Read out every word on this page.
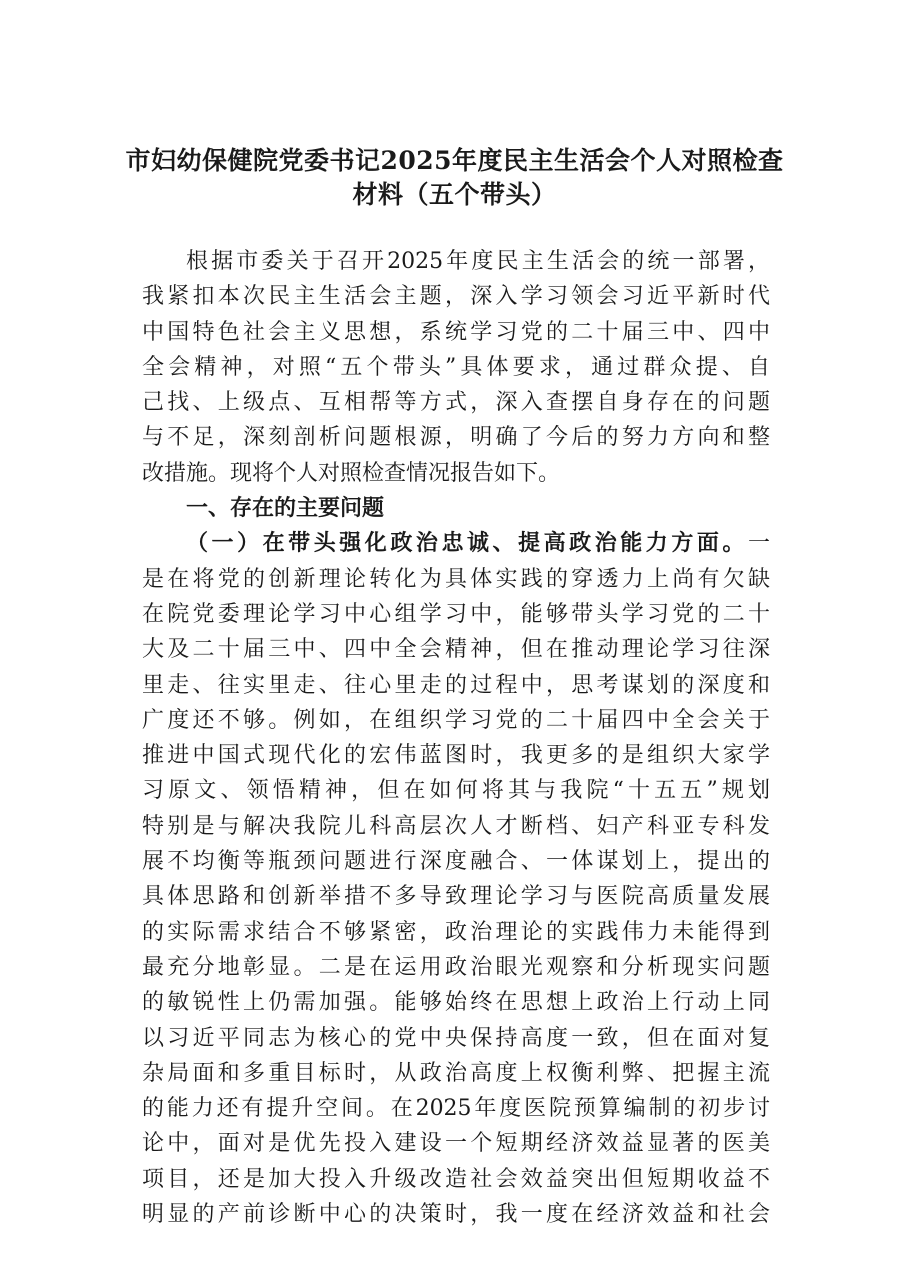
市妇幼保健院党委书记2025年度民主生活会个人对照检查
材料（五个带头）
根据市委关于召开2025年度民主生活会的统一部署，
我紧扣本次民主生活会主题，深入学习领会习近平新时代
中国特色社会主义思想，系统学习党的二十届三中、四中
全会精神，对照“五个带头”具体要求，通过群众提、自
己找、上级点、互相帮等方式，深入查摆自身存在的问题
与不足，深刻剖析问题根源，明确了今后的努力方向和整
改措施。现将个人对照检查情况报告如下。
一、存在的主要问题
（一）在带头强化政治忠诚、提高政治能力方面。一
是在将党的创新理论转化为具体实践的穿透力上尚有欠缺
在院党委理论学习中心组学习中，能够带头学习党的二十
大及二十届三中、四中全会精神，但在推动理论学习往深
里走、往实里走、往心里走的过程中，思考谋划的深度和
广度还不够。例如，在组织学习党的二十届四中全会关于
推进中国式现代化的宏伟蓝图时，我更多的是组织大家学
习原文、领悟精神，但在如何将其与我院“十五五”规划
特别是与解决我院儿科高层次人才断档、妇产科亚专科发
展不均衡等瓶颈问题进行深度融合、一体谋划上，提出的
具体思路和创新举措不多导致理论学习与医院高质量发展
的实际需求结合不够紧密，政治理论的实践伟力未能得到
最充分地彰显。二是在运用政治眼光观察和分析现实问题
的敏锐性上仍需加强。能够始终在思想上政治上行动上同
以习近平同志为核心的党中央保持高度一致，但在面对复
杂局面和多重目标时，从政治高度上权衡利弊、把握主流
的能力还有提升空间。在2025年度医院预算编制的初步讨
论中，面对是优先投入建设一个短期经济效益显著的医美
项目，还是加大投入升级改造社会效益突出但短期收益不
明显的产前诊断中心的决策时，我一度在经济效益和社会
